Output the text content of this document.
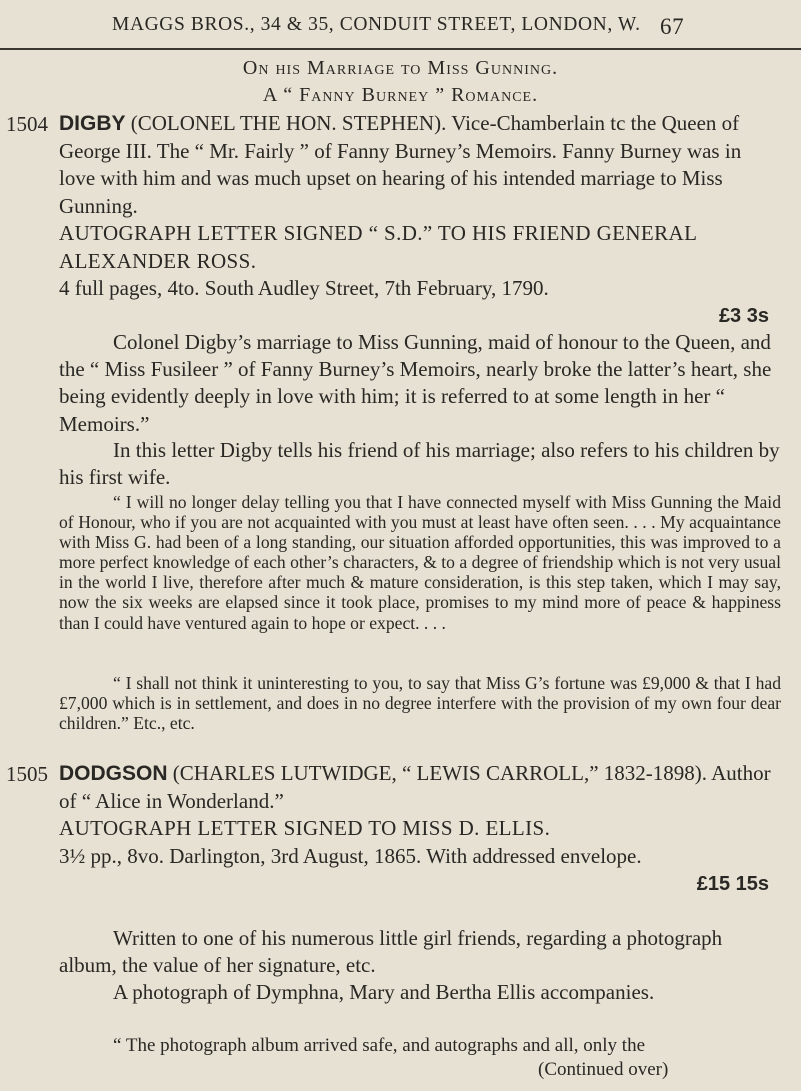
MAGGS BROS., 34 & 35, CONDUIT STREET, LONDON, W. 67
On his Marriage to Miss Gunning.
A “ Fanny Burney ” Romance.
1504 DIGBY (COLONEL THE HON. STEPHEN). Vice-Chamberlain tc the Queen of George III. The “ Mr. Fairly ” of Fanny Burney’s Memoirs. Fanny Burney was in love with him and was much upset on hearing of his intended marriage to Miss Gunning.

AUTOGRAPH LETTER SIGNED “ S.D.” TO HIS FRIEND GENERAL ALEXANDER ROSS.

4 full pages, 4to. South Audley Street, 7th February, 1790.
£3 3s

Colonel Digby’s marriage to Miss Gunning, maid of honour to the Queen, and the “ Miss Fusileer ” of Fanny Burney’s Memoirs, nearly broke the latter’s heart, she being evidently deeply in love with him; it is referred to at some length in her “ Memoirs.”

In this letter Digby tells his friend of his marriage; also refers to his children by his first wife.

“ I will no longer delay telling you that I have connected myself with Miss Gunning the Maid of Honour, who if you are not acquainted with you must at least have often seen. . . . My acquaintance with Miss G. had been of a long standing, our situation afforded opportunities, this was improved to a more perfect knowledge of each other’s characters, & to a degree of friendship which is not very usual in the world I live, therefore after much & mature consideration, is this step taken, which I may say, now the six weeks are elapsed since it took place, promises to my mind more of peace & happiness than I could have ventured again to hope or expect. . . .

“ I shall not think it uninteresting to you, to say that Miss G’s fortune was £9,000 & that I had £7,000 which is in settlement, and does in no degree interfere with the provision of my own four dear children.” Etc., etc.

1505 DODGSON (CHARLES LUTWIDGE, “ LEWIS CARROLL,” 1832-1898). Author of “ Alice in Wonderland.”

AUTOGRAPH LETTER SIGNED TO MISS D. ELLIS.

3½ pp., 8vo. Darlington, 3rd August, 1865. With addressed envelope.
£15 15s

Written to one of his numerous little girl friends, regarding a photograph album, the value of her signature, etc.

A photograph of Dymphna, Mary and Bertha Ellis accompanies.

“ The photograph album arrived safe, and autographs and all, only the

(Continued over)
